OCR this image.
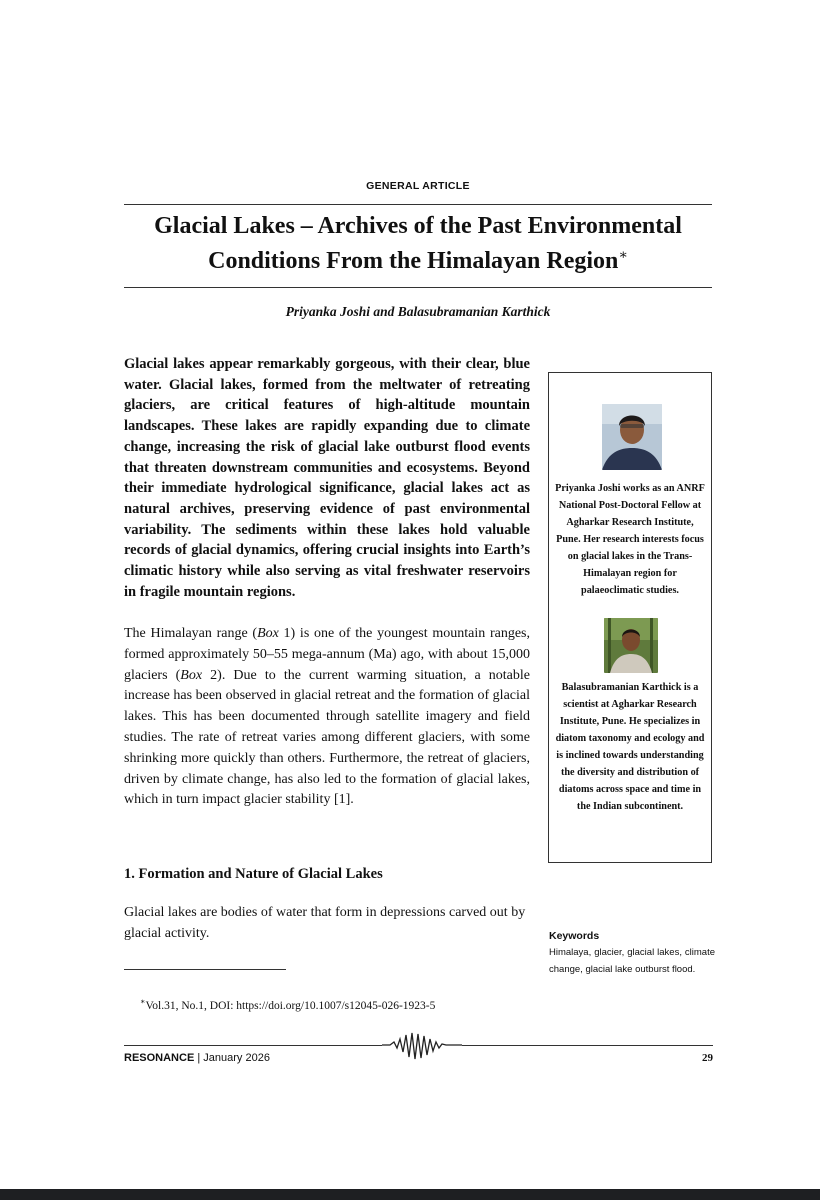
GENERAL ARTICLE
Glacial Lakes – Archives of the Past Environmental Conditions From the Himalayan Region∗
Priyanka Joshi and Balasubramanian Karthick

Glacial lakes appear remarkably gorgeous, with their clear, blue water. Glacial lakes, formed from the meltwater of retreating glaciers, are critical features of high-altitude mountain landscapes. These lakes are rapidly expanding due to climate change, increasing the risk of glacial lake outburst flood events that threaten downstream communities and ecosystems. Beyond their immediate hydrological significance, glacial lakes act as natural archives, preserving evidence of past environmental variability. The sediments within these lakes hold valuable records of glacial dynamics, offering crucial insights into Earth’s climatic history while also serving as vital freshwater reservoirs in fragile mountain regions.

The Himalayan range (Box 1) is one of the youngest mountain ranges, formed approximately 50–55 mega-annum (Ma) ago, with about 15,000 glaciers (Box 2). Due to the current warming situation, a notable increase has been observed in glacial retreat and the formation of glacial lakes. This has been documented through satellite imagery and field studies. The rate of retreat varies among different glaciers, with some shrinking more quickly than others. Furthermore, the retreat of glaciers, driven by climate change, has also led to the formation of glacial lakes, which in turn impact glacier stability [1].

1. Formation and Nature of Glacial Lakes

Glacial lakes are bodies of water that form in depressions carved out by glacial activity.

∗Vol.31, No.1, DOI: https://doi.org/10.1007/s12045-026-1923-5

Priyanka Joshi works as an ANRF National Post-Doctoral Fellow at Agharkar Research Institute, Pune. Her research interests focus on glacial lakes in the Trans-Himalayan region for palaeoclimatic studies.

Balasubramanian Karthick is a scientist at Agharkar Research Institute, Pune. He specializes in diatom taxonomy and ecology and is inclined towards understanding the diversity and distribution of diatoms across space and time in the Indian subcontinent.

Keywords

Himalaya, glacier, glacial lakes, climate change, glacial lake outburst flood.

RESONANCE | January 2026	29
